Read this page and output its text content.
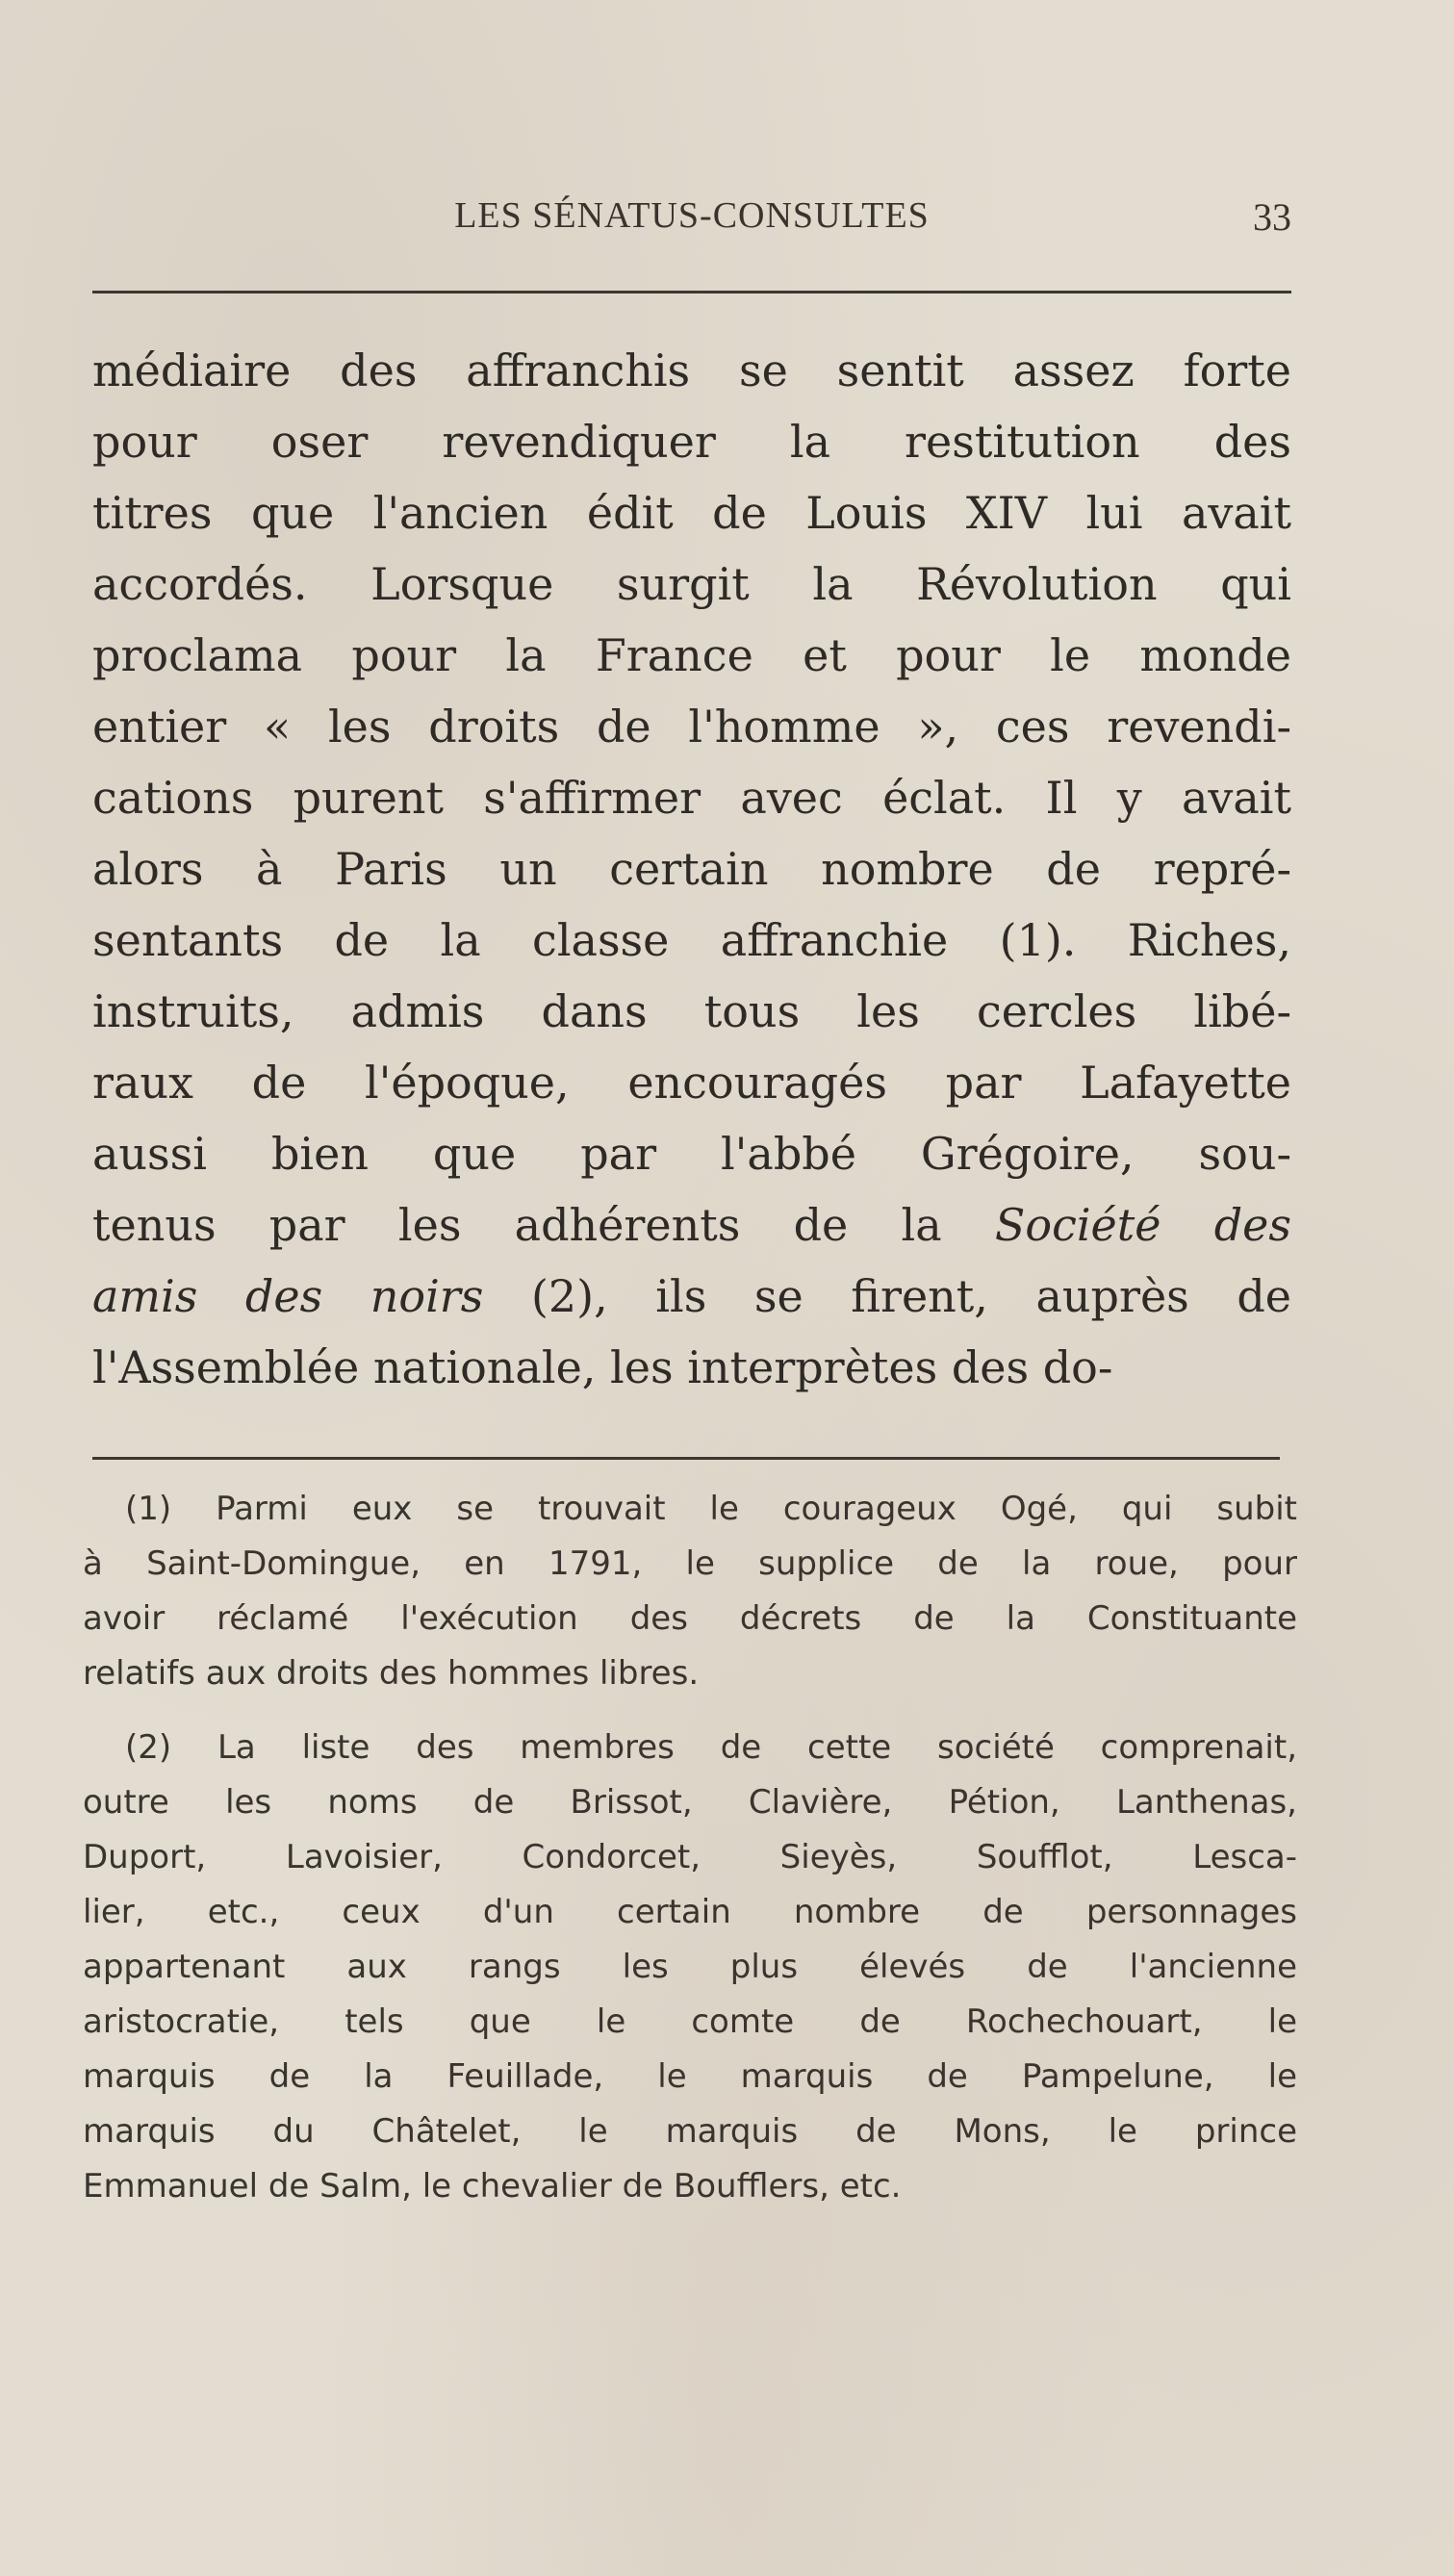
LES SÉNATUS-CONSULTES	33
médiaire des affranchis se sentit assez forte
pour oser revendiquer la restitution des
titres que l'ancien édit de Louis XIV lui avait
accordés. Lorsque surgit la Révolution qui
proclama pour la France et pour le monde
entier « les droits de l'homme », ces revendi-
cations purent s'affirmer avec éclat. Il y avait
alors à Paris un certain nombre de repré-
sentants de la classe affranchie (1). Riches,
instruits, admis dans tous les cercles libé-
raux de l'époque, encouragés par Lafayette
aussi bien que par l'abbé Grégoire, sou-
tenus par les adhérents de la Société des
amis des noirs (2), ils se firent, auprès de
l'Assemblée nationale, les interprètes des do-
(1) Parmi eux se trouvait le courageux Ogé, qui subit
à Saint-Domingue, en 1791, le supplice de la roue, pour
avoir réclamé l'exécution des décrets de la Constituante
relatifs aux droits des hommes libres.
(2) La liste des membres de cette société comprenait,
outre les noms de Brissot, Clavière, Pétion, Lanthenas,
Duport, Lavoisier, Condorcet, Sieyès, Soufflot, Lesca-
lier, etc., ceux d'un certain nombre de personnages
appartenant aux rangs les plus élevés de l'ancienne
aristocratie, tels que le comte de Rochechouart, le
marquis de la Feuillade, le marquis de Pampelune, le
marquis du Châtelet, le marquis de Mons, le prince
Emmanuel de Salm, le chevalier de Boufflers, etc.
